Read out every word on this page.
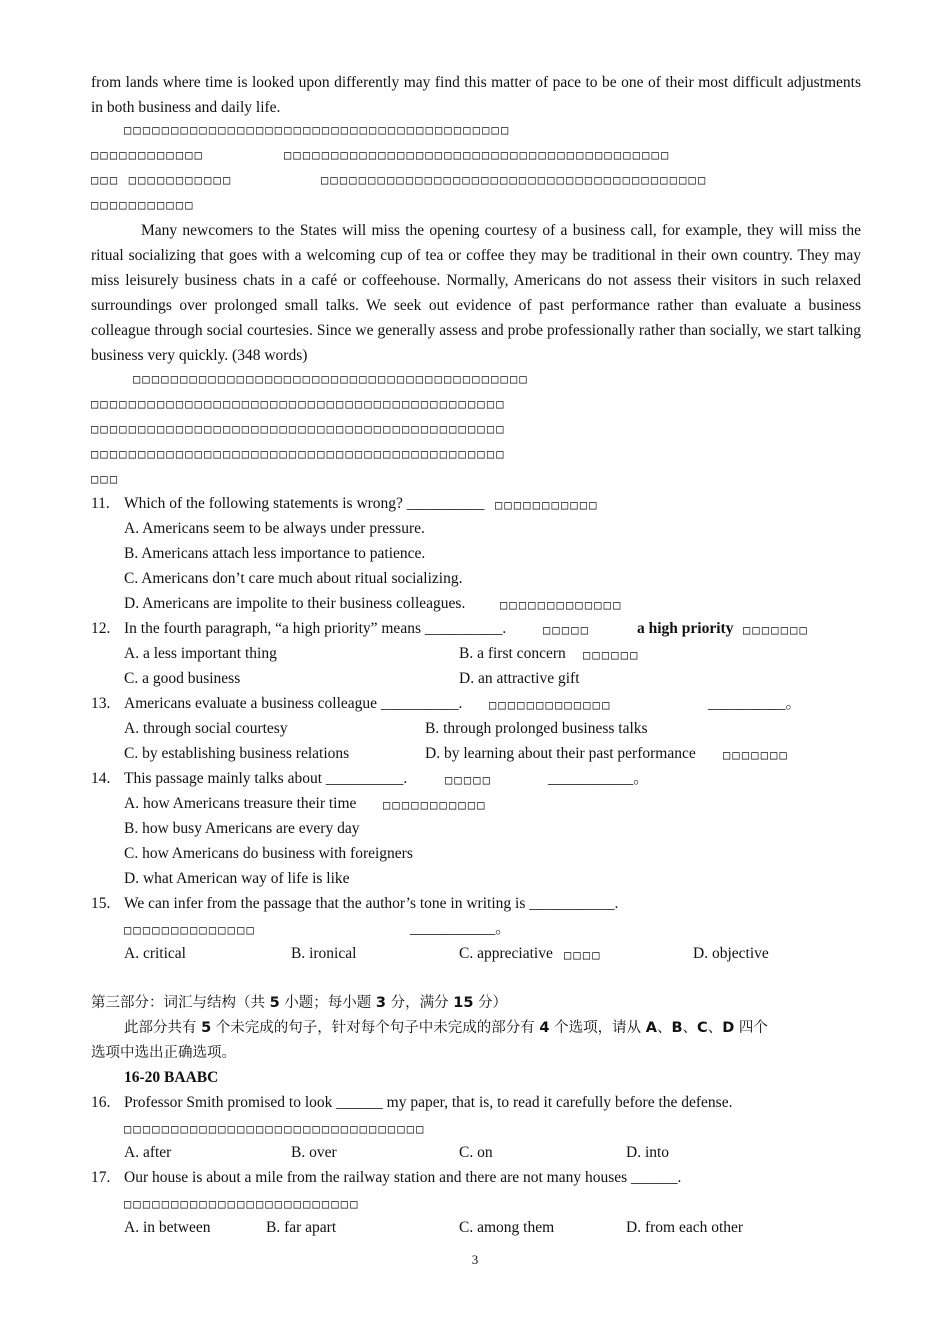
from lands where time is looked upon differently may find this matter of pace to be one of their most difficult adjustments in both business and daily life.
□□□□□□□□□□□□□□□□□□□□□□□□□□□□□□□□□□□□□□□□□
□□□□□□□□□□□□	□□□□□□□□□□□□□□□□□□□□□□□□□□□□□□□□□□□□□□□□□
□□□ □□□□□□□□□□□	□□□□□□□□□□□□□□□□□□□□□□□□□□□□□□□□□□□□□□□□□
□□□□□□□□□□□
Many newcomers to the States will miss the opening courtesy of a business call, for example, they will miss the ritual socializing that goes with a welcoming cup of tea or coffee they may be traditional in their own country. They may miss leisurely business chats in a café or coffeehouse. Normally, Americans do not assess their visitors in such relaxed surroundings over prolonged small talks. We seek out evidence of past performance rather than evaluate a business colleague through social courtesies. Since we generally assess and probe professionally rather than socially, we start talking business very quickly. (348 words)
□□□□□□□□□□□□□□□□□□□□□□□□□□□□□□□□□□□□□□□□□□
□□□□□□□□□□□□□□□□□□□□□□□□□□□□□□□□□□□□□□□□□□□□
□□□□□□□□□□□□□□□□□□□□□□□□□□□□□□□□□□□□□□□□□□□□
□□□□□□□□□□□□□□□□□□□□□□□□□□□□□□□□□□□□□□□□□□□□
□□□
11. Which of the following statements is wrong? __________ □□□□□□□□□□□
A. Americans seem to be always under pressure.
B. Americans attach less importance to patience.
C. Americans don’t care much about ritual socializing.
D. Americans are impolite to their business colleagues.	□□□□□□□□□□□□□
12. In the fourth paragraph, “a high priority” means __________.	□□□□□	a high priority □□□□□□□
A. a less important thing	B. a first concern □□□□□□
C. a good business	D. an attractive gift
13. Americans evaluate a business colleague __________. □□□□□□□□□□□□□	__________。
A. through social courtesy	B. through prolonged business talks
C. by establishing business relations	D. by learning about their past performance □□□□□□□
14. This passage mainly talks about __________.	□□□□□	___________。
A. how Americans treasure their time □□□□□□□□□□□
B. how busy Americans are every day
C. how Americans do business with foreigners
D. what American way of life is like
15. We can infer from the passage that the author’s tone in writing is ___________.
□□□□□□□□□□□□□□	___________。
A. critical	B. ironical	C. appreciative □□□□	D. objective
第三部分：词汇与结构（共 5 小题；每小题 3 分，满分 15 分）
此部分共有 5 个未完成的句子，针对每个句子中未完成的部分有 4 个选项，请从 A、B、C、D 四个
选项中选出正确选项。
16-20 BAABC
16. Professor Smith promised to look ______ my paper, that is, to read it carefully before the defense.
□□□□□□□□□□□□□□□□□□□□□□□□□□□□□□□□
A. after	B. over	C. on	D. into
17. Our house is about a mile from the railway station and there are not many houses ______.
□□□□□□□□□□□□□□□□□□□□□□□□□
A. in between	B. far apart	C. among them	D. from each other
3
